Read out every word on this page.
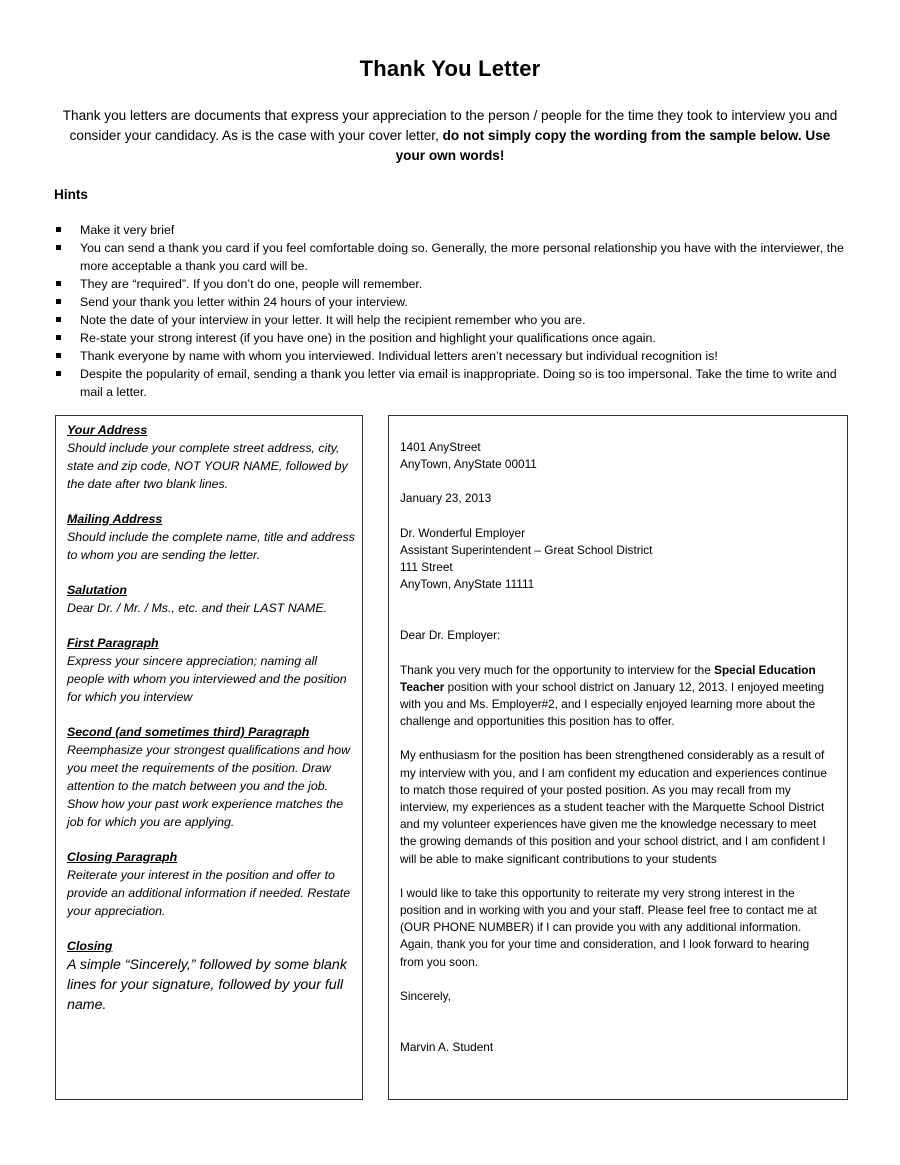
Thank You Letter
Thank you letters are documents that express your appreciation to the person / people for the time they took to interview you and consider your candidacy. As is the case with your cover letter, do not simply copy the wording from the sample below. Use your own words!
Hints
Make it very brief
You can send a thank you card if you feel comfortable doing so. Generally, the more personal relationship you have with the interviewer, the more acceptable a thank you card will be.
They are “required”. If you don’t do one, people will remember.
Send your thank you letter within 24 hours of your interview.
Note the date of your interview in your letter. It will help the recipient remember who you are.
Re-state your strong interest (if you have one) in the position and highlight your qualifications once again.
Thank everyone by name with whom you interviewed. Individual letters aren’t necessary but individual recognition is!
Despite the popularity of email, sending a thank you letter via email is inappropriate. Doing so is too impersonal. Take the time to write and mail a letter.
Your Address
Should include your complete street address, city, state and zip code, NOT YOUR NAME, followed by the date after two blank lines.
Mailing Address
Should include the complete name, title and address to whom you are sending the letter.
Salutation
Dear Dr. / Mr. / Ms., etc. and their LAST NAME.
First Paragraph
Express your sincere appreciation; naming all people with whom you interviewed and the position for which you interview
Second (and sometimes third) Paragraph
Reemphasize your strongest qualifications and how you meet the requirements of the position. Draw attention to the match between you and the job. Show how your past work experience matches the job for which you are applying.
Closing Paragraph
Reiterate your interest in the position and offer to provide an additional information if needed. Restate your appreciation.
Closing
A simple “Sincerely,” followed by some blank lines for your signature, followed by your full name.
1401 AnyStreet
AnyTown, AnyState 00011
January 23, 2013
Dr. Wonderful Employer
Assistant Superintendent – Great School District
111 Street
AnyTown, AnyState 11111
Dear Dr. Employer:
Thank you very much for the opportunity to interview for the Special Education Teacher position with your school district on January 12, 2013. I enjoyed meeting with you and Ms. Employer#2, and I especially enjoyed learning more about the challenge and opportunities this position has to offer.
My enthusiasm for the position has been strengthened considerably as a result of my interview with you, and I am confident my education and experiences continue to match those required of your posted position. As you may recall from my interview, my experiences as a student teacher with the Marquette School District and my volunteer experiences have given me the knowledge necessary to meet the growing demands of this position and your school district, and I am confident I will be able to make significant contributions to your students
I would like to take this opportunity to reiterate my very strong interest in the position and in working with you and your staff. Please feel free to contact me at (OUR PHONE NUMBER) if I can provide you with any additional information. Again, thank you for your time and consideration, and I look forward to hearing from you soon.
Sincerely,
Marvin A. Student
